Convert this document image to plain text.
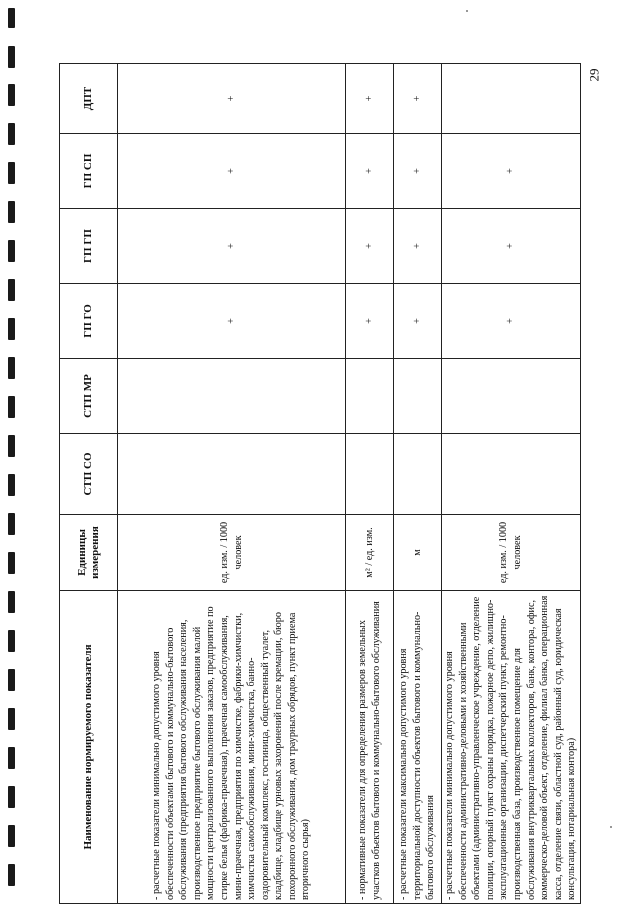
29
Наименование нормируемого показателя	Единицы измерения	СТП СО	СТП МР	ГП ГО	ГП ГП	ГП СП	ДПТ

- расчетные показатели минимально допустимого уровня обеспеченности объектами бытового и коммунально-бытового обслуживания (предприятия бытового обслуживания населения, производственное предприятие бытового обслуживания малой мощности централизованного выполнения заказов, предприятие по стирке белья (фабрика-прачечная), прачечная самообслуживания, мини-прачечная, предприятия по химчистке, фабрики-химчистки, химчистка самообслуживания, мини-химчистка, банно-оздоровительный комплекс, гостиница, общественный туалет, кладбище, кладбище урновых захоронений после кремации, бюро похоронного обслуживания, дом траурных обрядов, пункт приема вторичного сырья)	ед. изм. / 1000 человек			+	+	+	+

- нормативные показатели для определения размеров земельных участков объектов бытового и коммунально-бытового обслуживания	м² / ед. изм.			+	+	+	+

- расчетные показатели максимально допустимого уровня территориальной доступности объектов бытового и коммунально-бытового обслуживания	м			+	+	+	+

- расчетные показатели минимально допустимого уровня обеспеченности административно-деловыми и хозяйственными объектами (административно-управленческое учреждение, отделение полиции, опорный пункт охраны порядка, пожарное депо, жилищно-эксплуатационные организации, диспетчерский пункт, ремонтно-производственная база, производственное помещение для обслуживания внутриквартальных коллекторов, банк, контора, офис, коммерческо-деловой объект, отделение, филиал банка, операционная касса, отделение связи, областной суд, районный суд, юридическая консультация, нотариальная контора)	ед. изм. / 1000 человек			+	+	+	
